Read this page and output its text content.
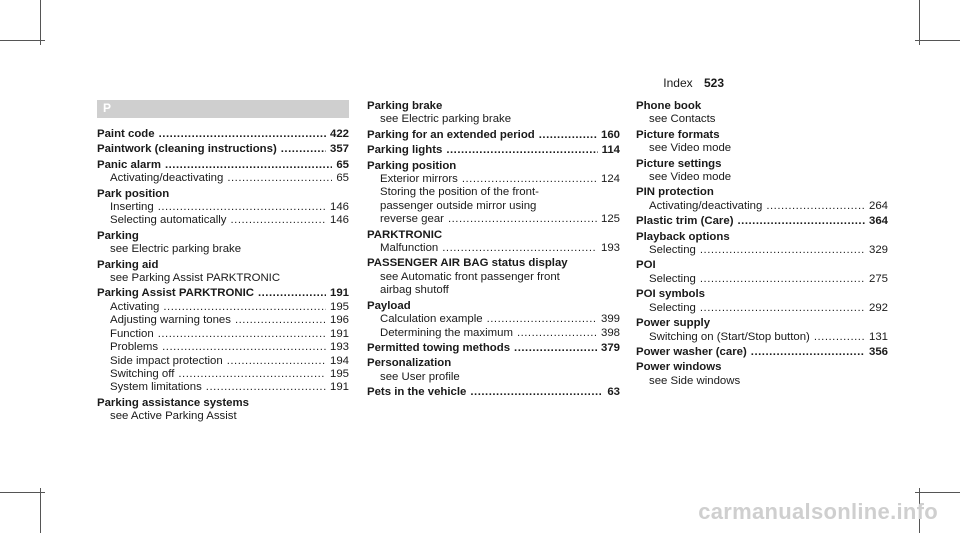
Index 523
P
Paint code .....	422
Paintwork (cleaning instructions) .....	357
Panic alarm .....	65
Activating/deactivating .....	65
Park position
Inserting .....	146
Selecting automatically .....	146
Parking
see Electric parking brake
Parking aid
see Parking Assist PARKTRONIC
Parking Assist PARKTRONIC .....	191
Activating .....	195
Adjusting warning tones .....	196
Function .....	191
Problems .....	193
Side impact protection .....	194
Switching off .....	195
System limitations .....	191
Parking assistance systems
see Active Parking Assist
Parking brake
see Electric parking brake
Parking for an extended period .....	160
Parking lights .....	114
Parking position
Exterior mirrors .....	124
Storing the position of the front-
passenger outside mirror using
reverse gear .....	125
PARKTRONIC
Malfunction .....	193
PASSENGER AIR BAG status display
see Automatic front passenger front
airbag shutoff
Payload
Calculation example .....	399
Determining the maximum .....	398
Permitted towing methods .....	379
Personalization
see User profile
Pets in the vehicle .....	63
Phone book
see Contacts
Picture formats
see Video mode
Picture settings
see Video mode
PIN protection
Activating/deactivating .....	264
Plastic trim (Care) .....	364
Playback options
Selecting .....	329
POI
Selecting .....	275
POI symbols
Selecting .....	292
Power supply
Switching on (Start/Stop button) .....	131
Power washer (care) .....	356
Power windows
see Side windows
carmanualsonline.info
